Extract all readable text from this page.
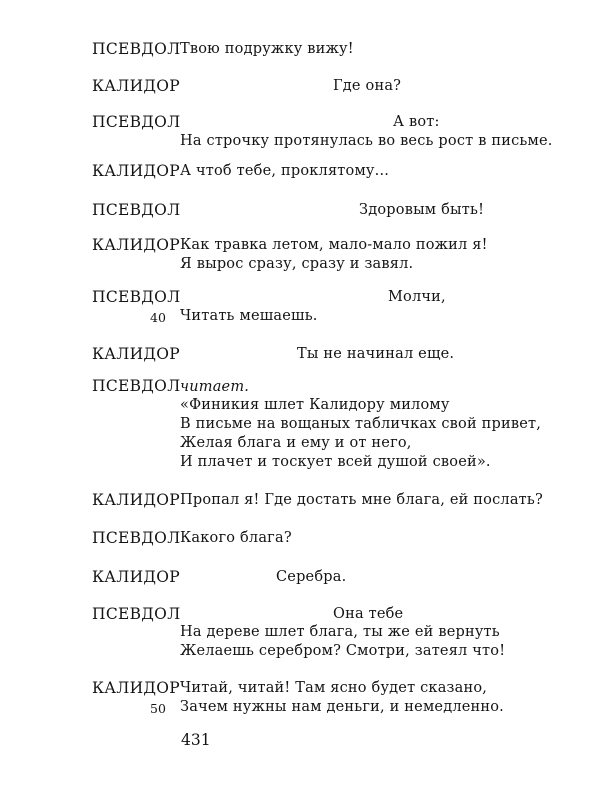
ПСЕВДОЛ Твою подружку вижу!
КАЛИДОР	Где она?
ПСЕВДОЛ	А вот:
На строчку протянулась во весь рост в письме.
КАЛИДОР А чтоб тебе, проклятому...
ПСЕВДОЛ	Здоровым быть!
КАЛИДОР Как травка летом, мало-мало пожил я!
Я вырос сразу, сразу и завял.
ПСЕВДОЛ	Молчи,
40 Читать мешаешь.
КАЛИДОР	Ты не начинал еще.
ПСЕВДОЛ читает.
«Финикия шлет Калидору милому
В письме на вощаных табличках свой привет,
Желая блага и ему и от него,
И плачет и тоскует всей душой своей».
КАЛИДОР Пропал я! Где достать мне блага, ей послать?
ПСЕВДОЛ Какого блага?
КАЛИДОР	Серебра.
ПСЕВДОЛ	Она тебе
На дереве шлет блага, ты же ей вернуть
Желаешь серебром? Смотри, затеял что!
КАЛИДОР Читай, читай! Там ясно будет сказано,
50 Зачем нужны нам деньги, и немедленно.
431
